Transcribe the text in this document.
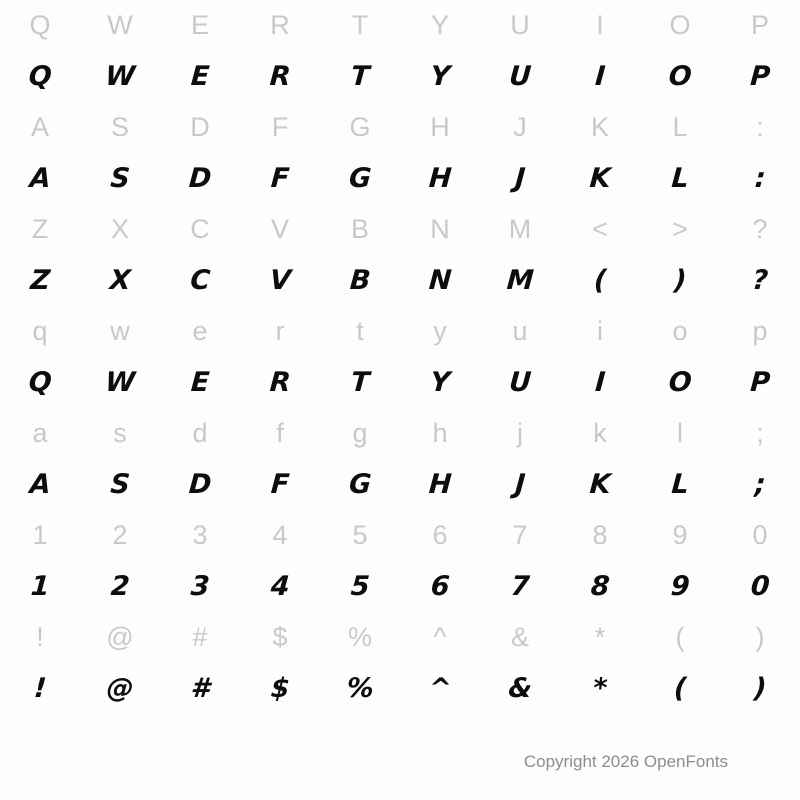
Q	W	E	R	T	Y	U	I	O	P
Q	W	E	R	T	Y	U	I	O	P
A	S	D	F	G	H	J	K	L	:
A	S	D	F	G	H	J	K	L	:
Z	X	C	V	B	N	M	<	>	?
Z	X	C	V	B	N	M	(	)	?
q	w	e	r	t	y	u	i	o	p
Q	W	E	R	T	Y	U	I	O	P
a	s	d	f	g	h	j	k	l	;
A	S	D	F	G	H	J	K	L	;
1	2	3	4	5	6	7	8	9	0
1	2	3	4	5	6	7	8	9	0
!	@	#	$	%	^	&	*	(	)
!	@	#	$	%	^	&	*	(	)
Copyright 2026 OpenFonts
